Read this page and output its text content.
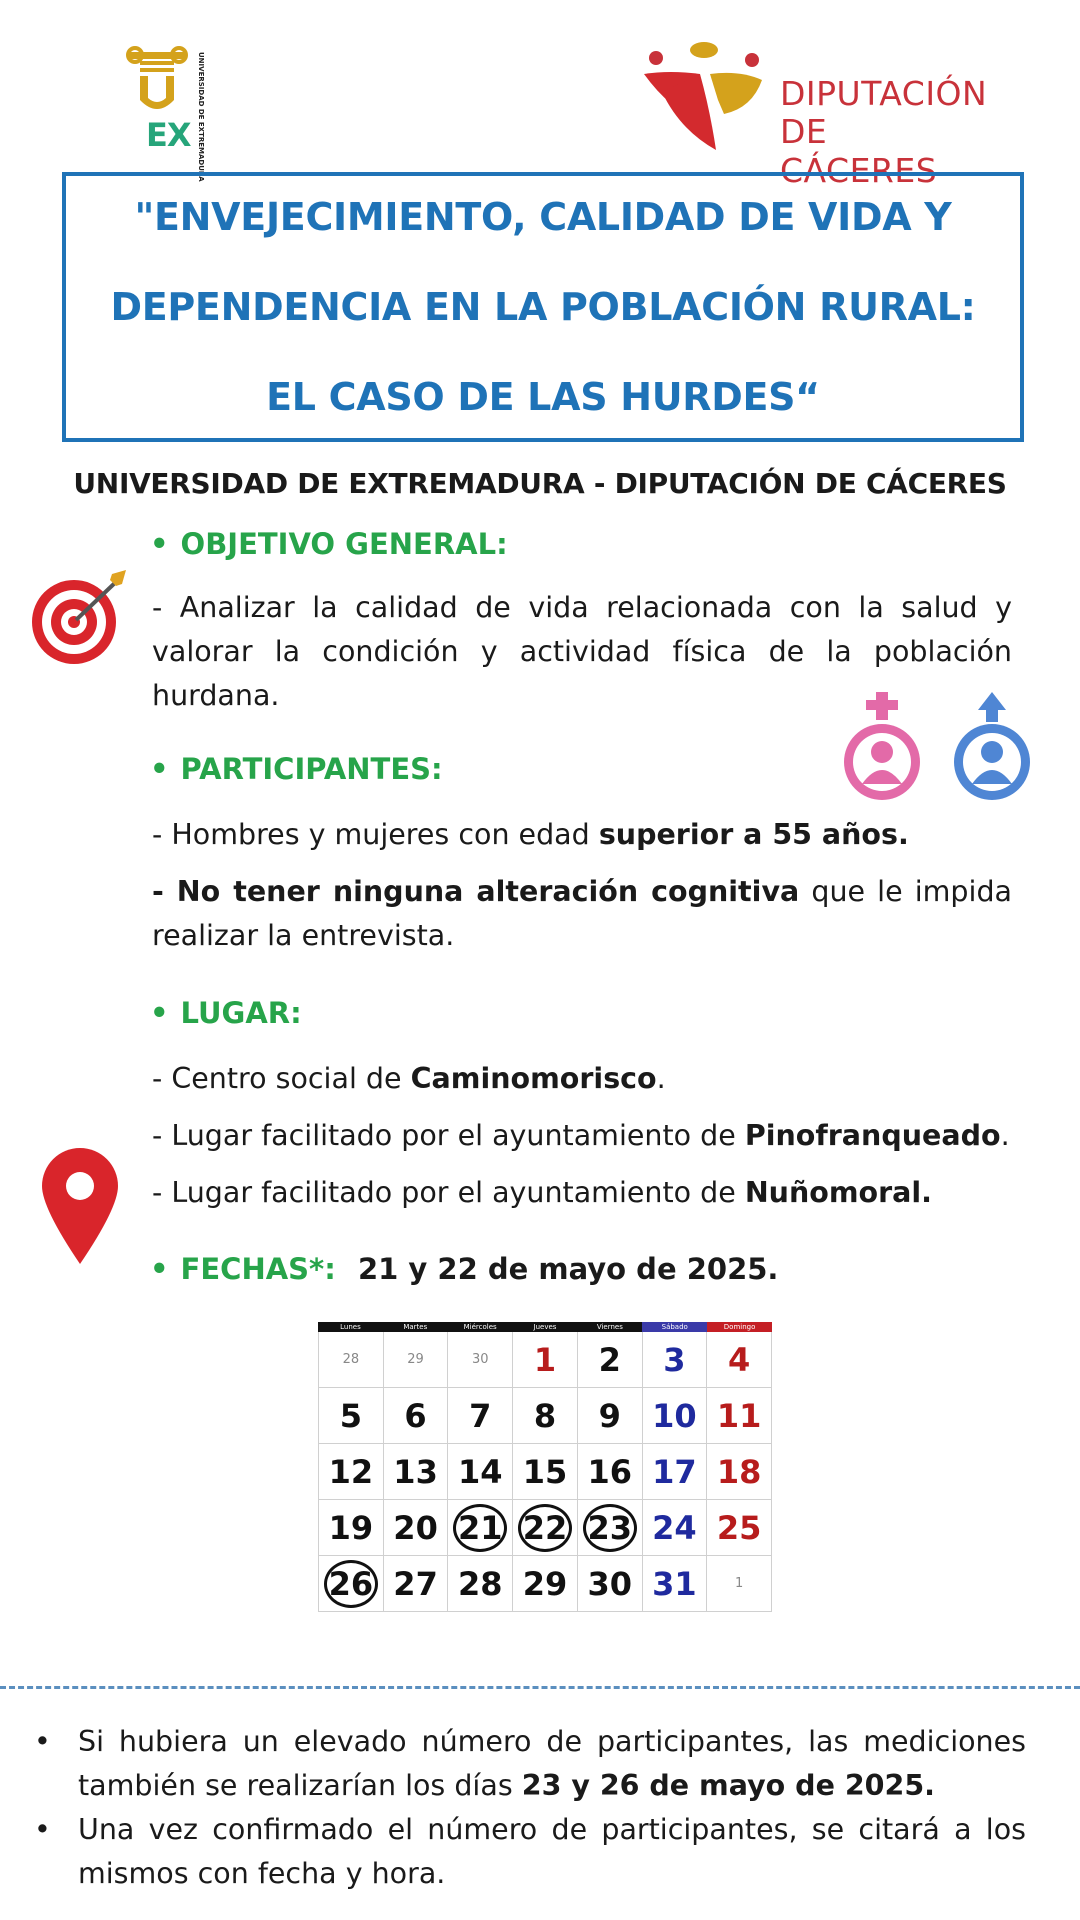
EX UNIVERSIDAD DE EXTREMADURA	DIPUTACIÓN
DE CÁCERES
"ENVEJECIMIENTO, CALIDAD DE VIDA Y
DEPENDENCIA EN LA POBLACIÓN RURAL:
EL CASO DE LAS HURDES“
UNIVERSIDAD DE EXTREMADURA - DIPUTACIÓN DE CÁCERES
• OBJETIVO GENERAL:
- Analizar la calidad de vida relacionada con la salud y valorar la condición y actividad física de la población hurdana.
• PARTICIPANTES:
- Hombres y mujeres con edad superior a 55 años.
- No tener ninguna alteración cognitiva que le impida realizar la entrevista.
• LUGAR:
- Centro social de Caminomorisco.
- Lugar facilitado por el ayuntamiento de Pinofranqueado.
- Lugar facilitado por el ayuntamiento de Nuñomoral.
• FECHAS*: 21 y 22 de mayo de 2025.
Lunes	Martes	Miércoles	Jueves	Viernes	Sábado	Domingo
28	29	30 1 2 3 4
5 6 7 8 9 10 11
12 13 14 15 16 17 18
19 20 21 22 23 24 25
26 27 28 29 30 31	1
• Si hubiera un elevado número de participantes, las mediciones también se realizarían los días 23 y 26 de mayo de 2025.
• Una vez confirmado el número de participantes, se citará a los mismos con fecha y hora.
